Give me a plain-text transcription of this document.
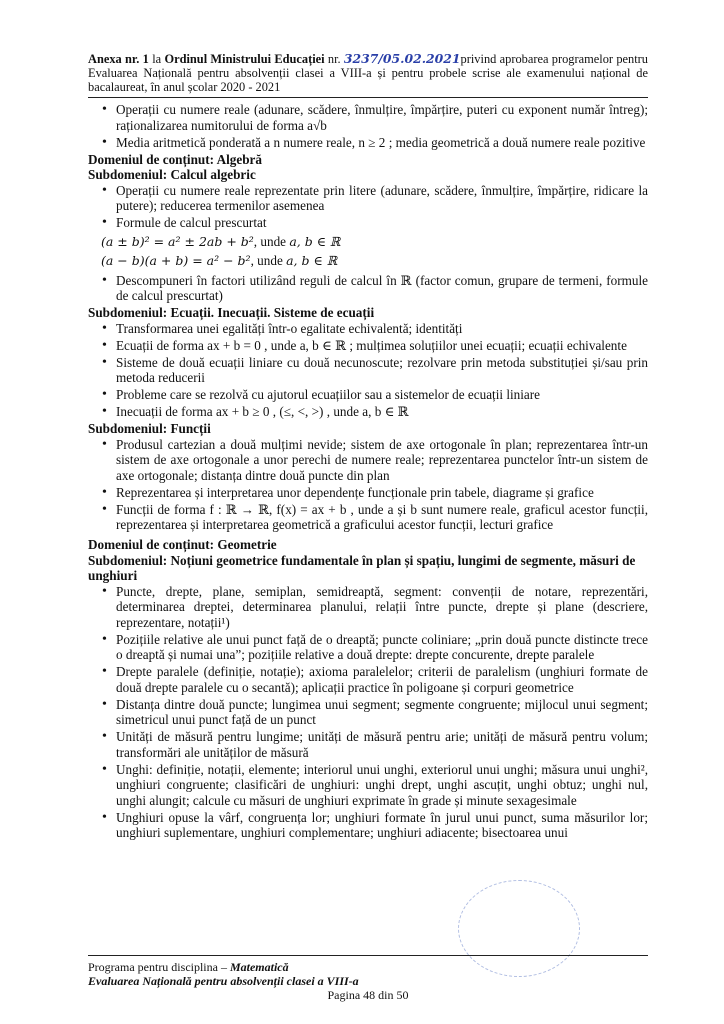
Anexa nr. 1 la Ordinul Ministrului Educației nr. 3237/05.02.2021privind aprobarea programelor pentru Evaluarea Națională pentru absolvenții clasei a VIII-a și pentru probele scrise ale examenului național de bacalaureat, în anul școlar 2020 - 2021
• Operații cu numere reale (adunare, scădere, înmulțire, împărțire, puteri cu exponent număr întreg); raționalizarea numitorului de forma a√b
• Media aritmetică ponderată a n numere reale, n ≥ 2 ; media geometrică a două numere reale pozitive

Domeniul de conținut: Algebră

Subdomeniul: Calcul algebric

• Operații cu numere reale reprezentate prin litere (adunare, scădere, înmulțire, împărțire, ridicare la putere); reducerea termenilor asemenea
• Formule de calcul prescurtat
(a ± b)² = a² ± 2ab + b², unde a, b ∈ ℝ
(a − b)(a + b) = a² − b², unde a, b ∈ ℝ
• Descompuneri în factori utilizând reguli de calcul în ℝ (factor comun, grupare de termeni, formule de calcul prescurtat)

Subdomeniul: Ecuații. Inecuații. Sisteme de ecuații

• Transformarea unei egalități într-o egalitate echivalentă; identități
• Ecuații de forma ax + b = 0 , unde a, b ∈ ℝ ; mulțimea soluțiilor unei ecuații; ecuații echivalente
• Sisteme de două ecuații liniare cu două necunoscute; rezolvare prin metoda substituției și/sau prin metoda reducerii
• Probleme care se rezolvă cu ajutorul ecuațiilor sau a sistemelor de ecuații liniare
• Inecuații de forma ax + b ≥ 0 , (≤, <, >) , unde a, b ∈ ℝ

Subdomeniul: Funcții

• Produsul cartezian a două mulțimi nevide; sistem de axe ortogonale în plan; reprezentarea într-un sistem de axe ortogonale a unor perechi de numere reale; reprezentarea punctelor într-un sistem de axe ortogonale; distanța dintre două puncte din plan
• Reprezentarea și interpretarea unor dependențe funcționale prin tabele, diagrame și grafice
• Funcții de forma f : ℝ → ℝ, f(x) = ax + b , unde a și b sunt numere reale, graficul acestor funcții, reprezentarea și interpretarea geometrică a graficului acestor funcții, lecturi grafice

Domeniul de conținut: Geometrie

Subdomeniul: Noțiuni geometrice fundamentale în plan și spațiu, lungimi de segmente, măsuri de unghiuri

• Puncte, drepte, plane, semiplan, semidreaptă, segment: convenții de notare, reprezentări, determinarea dreptei, determinarea planului, relații între puncte, drepte și plane (descriere, reprezentare, notații¹)
• Pozițiile relative ale unui punct față de o dreaptă; puncte coliniare; „prin două puncte distincte trece o dreaptă și numai una”; pozițiile relative a două drepte: drepte concurente, drepte paralele
• Drepte paralele (definiție, notație); axioma paralelelor; criterii de paralelism (unghiuri formate de două drepte paralele cu o secantă); aplicații practice în poligoane și corpuri geometrice
• Distanța dintre două puncte; lungimea unui segment; segmente congruente; mijlocul unui segment; simetricul unui punct față de un punct
• Unități de măsură pentru lungime; unități de măsură pentru arie; unități de măsură pentru volum; transformări ale unităților de măsură
• Unghi: definiție, notații, elemente; interiorul unui unghi, exteriorul unui unghi; măsura unui unghi², unghiuri congruente; clasificări de unghiuri: unghi drept, unghi ascuțit, unghi obtuz; unghi nul, unghi alungit; calcule cu măsuri de unghiuri exprimate în grade și minute sexagesimale
• Unghiuri opuse la vârf, congruența lor; unghiuri formate în jurul unui punct, suma măsurilor lor; unghiuri suplementare, unghiuri complementare; unghiuri adiacente; bisectoarea unui
Programa pentru disciplina – Matematică
Evaluarea Națională pentru absolvenții clasei a VIII-a
Pagina 48 din 50
